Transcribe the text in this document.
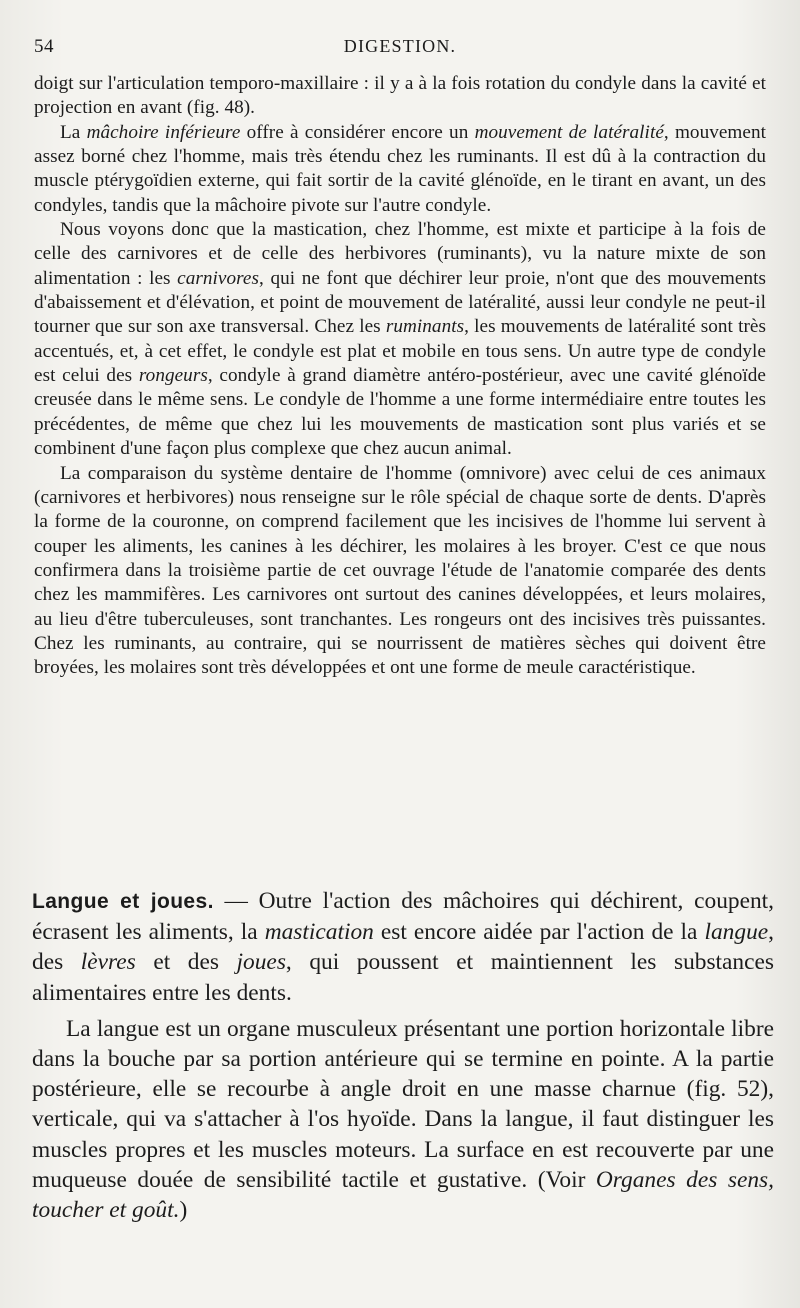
54	DIGESTION.

doigt sur l'articulation temporo-maxillaire : il y a à la fois rotation du condyle dans la cavité et projection en avant (fig. 48).

La mâchoire inférieure offre à considérer encore un mouvement de latéralité, mouvement assez borné chez l'homme, mais très étendu chez les ruminants. Il est dû à la contraction du muscle ptérygoïdien externe, qui fait sortir de la cavité glénoïde, en le tirant en avant, un des condyles, tandis que la mâchoire pivote sur l'autre condyle.

Nous voyons donc que la mastication, chez l'homme, est mixte et participe à la fois de celle des carnivores et de celle des herbivores (ruminants), vu la nature mixte de son alimentation : les carnivores, qui ne font que déchirer leur proie, n'ont que des mouvements d'abaissement et d'élévation, et point de mouvement de latéralité, aussi leur condyle ne peut-il tourner que sur son axe transversal. Chez les ruminants, les mouvements de latéralité sont très accentués, et, à cet effet, le condyle est plat et mobile en tous sens. Un autre type de condyle est celui des rongeurs, condyle à grand diamètre antéro-postérieur, avec une cavité glénoïde creusée dans le même sens. Le condyle de l'homme a une forme intermédiaire entre toutes les précédentes, de même que chez lui les mouvements de mastication sont plus variés et se combinent d'une façon plus complexe que chez aucun animal.

La comparaison du système dentaire de l'homme (omnivore) avec celui de ces animaux (carnivores et herbivores) nous renseigne sur le rôle spécial de chaque sorte de dents. D'après la forme de la couronne, on comprend facilement que les incisives de l'homme lui servent à couper les aliments, les canines à les déchirer, les molaires à les broyer. C'est ce que nous confirmera dans la troisième partie de cet ouvrage l'étude de l'anatomie comparée des dents chez les mammifères. Les carnivores ont surtout des canines développées, et leurs molaires, au lieu d'être tuberculeuses, sont tranchantes. Les rongeurs ont des incisives très puissantes. Chez les ruminants, au contraire, qui se nourrissent de matières sèches qui doivent être broyées, les molaires sont très développées et ont une forme de meule caractéristique.

Langue et joues. — Outre l'action des mâchoires qui déchirent, coupent, écrasent les aliments, la mastication est encore aidée par l'action de la langue, des lèvres et des joues, qui poussent et maintiennent les substances alimentaires entre les dents.

La langue est un organe musculeux présentant une portion horizontale libre dans la bouche par sa portion antérieure qui se termine en pointe. A la partie postérieure, elle se recourbe à angle droit en une masse charnue (fig. 52), verticale, qui va s'attacher à l'os hyoïde. Dans la langue, il faut distinguer les muscles propres et les muscles moteurs. La surface en est recouverte par une muqueuse douée de sensibilité tactile et gustative. (Voir Organes des sens, toucher et goût.)
